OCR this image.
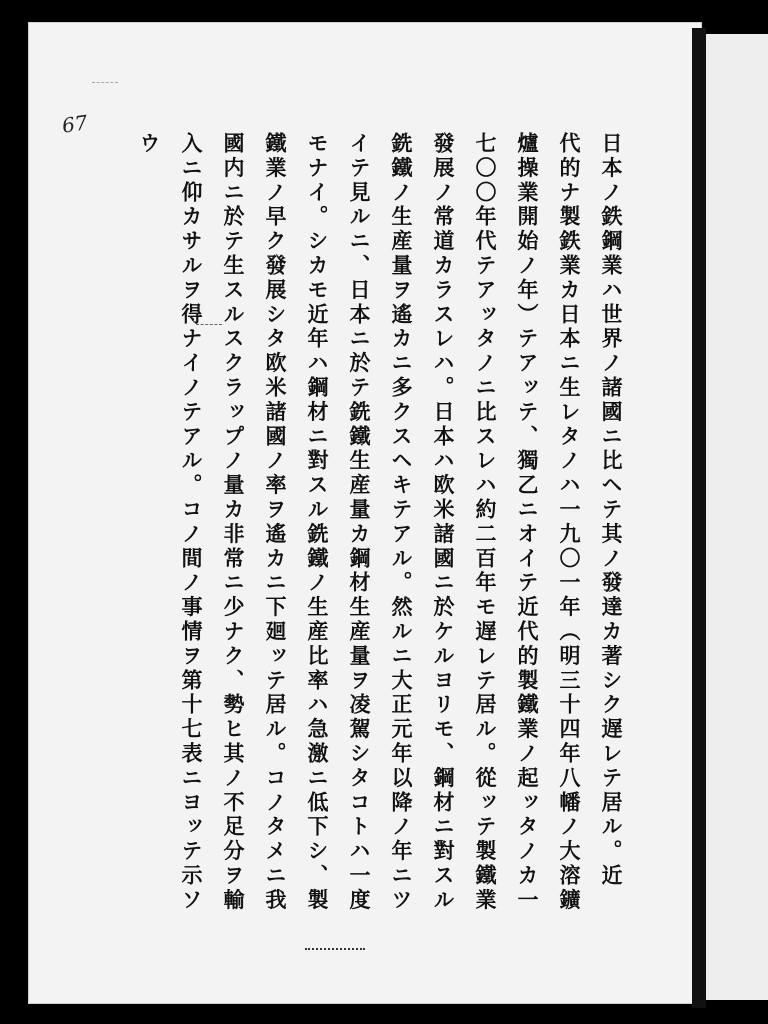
67
日本ノ鉄鋼業ハ世界ノ諸國ニ比ヘテ其ノ發達カ著シク遅レテ居ル。近
代的ナ製鉄業カ日本ニ生レタノハ一九〇一年（明三十四年八幡ノ大溶鑛
爐操業開始ノ年）テアッテ、獨乙ニオイテ近代的製鐵業ノ起ッタノカ一
七〇〇年代テアッタノニ比スレハ約二百年モ遅レテ居ル。從ッテ製鐵業
發展ノ常道カラスレハ。日本ハ欧米諸國ニ於ケルヨリモ、鋼材ニ對スル
銑鐵ノ生産量ヲ遙カニ多クスヘキテアル。然ルニ大正元年以降ノ年ニツ
イテ見ルニ、日本ニ於テ銑鐵生産量カ鋼材生産量ヲ凌駕シタコトハ一度
モナイ。シカモ近年ハ鋼材ニ對スル銑鐵ノ生産比率ハ急激ニ低下シ、製
鐵業ノ早ク發展シタ欧米諸國ノ率ヲ遙カニ下廻ッテ居ル。コノタメニ我
國内ニ於テ生スルスクラップノ量カ非常ニ少ナク、勢ヒ其ノ不足分ヲ輸
入ニ仰カサルヲ得ナイノテアル。コノ間ノ事情ヲ第十七表ニヨッテ示ソ
ウ
